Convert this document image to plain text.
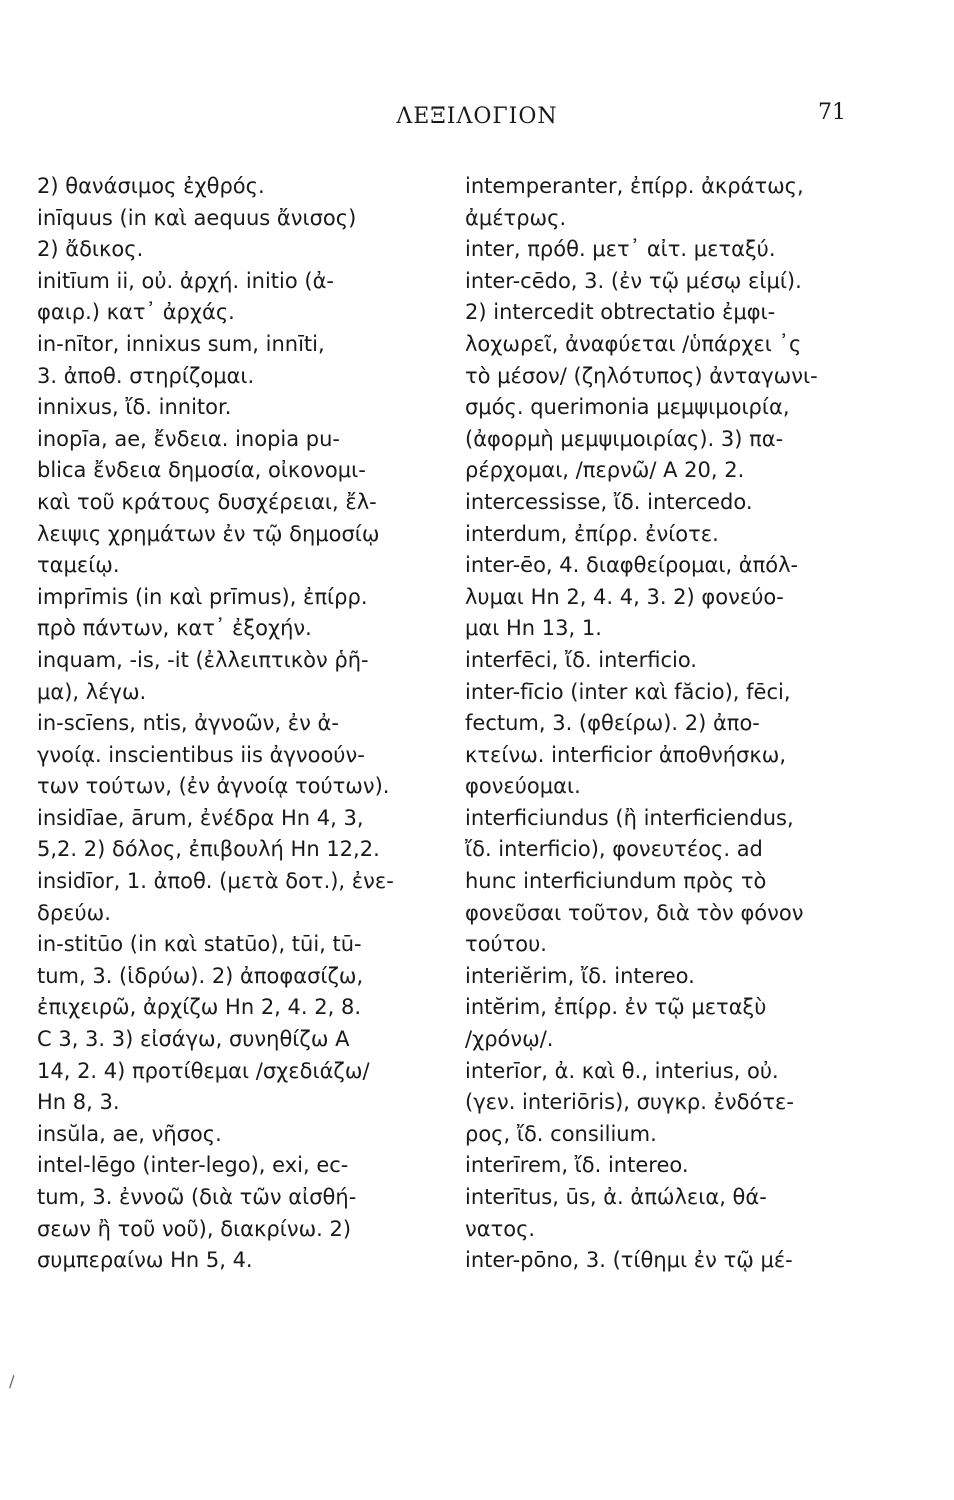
ΛΕΞΙΛΟΓΙΟΝ	71
2) θανάσιμος ἐχθρός.
inīquus (in καὶ aequus ἄνισος)
2) ἄδικος.
initīum ii, οὐ. ἀρχή. initio (ἀ-
φαιρ.) κατ᾽ ἀρχάς.
in-nītor, innixus sum, innīti,
3. ἀποθ. στηρίζομαι.
innixus, ἴδ. innitor.
inopīa, ae, ἔνδεια. inopia pu-
blica ἔνδεια δημοσία, οἰκονομι-
καὶ τοῦ κράτους δυσχέρειαι, ἔλ-
λειψις χρημάτων ἐν τῷ δημοσίῳ
ταμείῳ.
imprīmis (in καὶ prīmus), ἐπίρρ.
πρὸ πάντων, κατ᾽ ἐξοχήν.
inquam, -is, -it (ἐλλειπτικὸν ῥῆ-
μα), λέγω.
in-scīens, ntis, ἀγνοῶν, ἐν ἀ-
γνοίᾳ. inscientibus iis ἀγνοούν-
των τούτων, (ἐν ἀγνοίᾳ τούτων).
insidīae, ārum, ἐνέδρα Hn 4, 3,
5,2. 2) δόλος, ἐπιβουλή Hn 12,2.
insidīor, 1. ἀποθ. (μετὰ δοτ.), ἐνε-
δρεύω.
in-stitūo (in καὶ statūo), tūi, tū-
tum, 3. (ἱδρύω). 2) ἀποφασίζω,
ἐπιχειρῶ, ἀρχίζω Hn 2, 4. 2, 8.
C 3, 3. 3) εἰσάγω, συνηθίζω A
14, 2. 4) προτίθεμαι /σχεδιάζω/
Hn 8, 3.
insŭla, ae, νῆσος.
intel-lēgo (inter-lego), exi, ec-
tum, 3. ἐννοῶ (διὰ τῶν αἰσθή-
σεων ἢ τοῦ νοῦ), διακρίνω. 2)
συμπεραίνω Hn 5, 4.
intemperanter, ἐπίρρ. ἀκράτως,
ἀμέτρως.
inter, πρόθ. μετ᾽ αἰτ. μεταξύ.
inter-cēdo, 3. (ἐν τῷ μέσῳ εἰμί).
2) intercedit obtrectatio ἐμφι-
λοχωρεῖ, ἀναφύεται /ὑπάρχει ᾽ς
τὸ μέσον/ (ζηλότυπος) ἀνταγωνι-
σμός. querimonia μεμψιμοιρία,
(ἀφορμὴ μεμψιμοιρίας). 3) πα-
ρέρχομαι, /περνῶ/ A 20, 2.
intercessisse, ἴδ. intercedo.
interdum, ἐπίρρ. ἐνίοτε.
inter-ēo, 4. διαφθείρομαι, ἀπόλ-
λυμαι Hn 2, 4. 4, 3. 2) φονεύο-
μαι Hn 13, 1.
interfēci, ἴδ. interficio.
inter-fīcio (inter καὶ făcio), fēci,
fectum, 3. (φθείρω). 2) ἀπο-
κτείνω. interficior ἀποθνήσκω,
φονεύομαι.
interficiundus (ἢ interficiendus,
ἴδ. interficio), φονευτέος. ad
hunc interficiundum πρὸς τὸ
φονεῦσαι τοῦτον, διὰ τὸν φόνον
τούτου.
interiĕrim, ἴδ. intereo.
intĕrim, ἐπίρρ. ἐν τῷ μεταξὺ
/χρόνῳ/.
interīor, ἀ. καὶ θ., interius, οὐ.
(γεν. interiōris), συγκρ. ἐνδότε-
ρος, ἴδ. consilium.
interīrem, ἴδ. intereo.
interītus, ūs, ἀ. ἀπώλεια, θά-
νατος.
inter-pōno, 3. (τίθημι ἐν τῷ μέ-
∖
